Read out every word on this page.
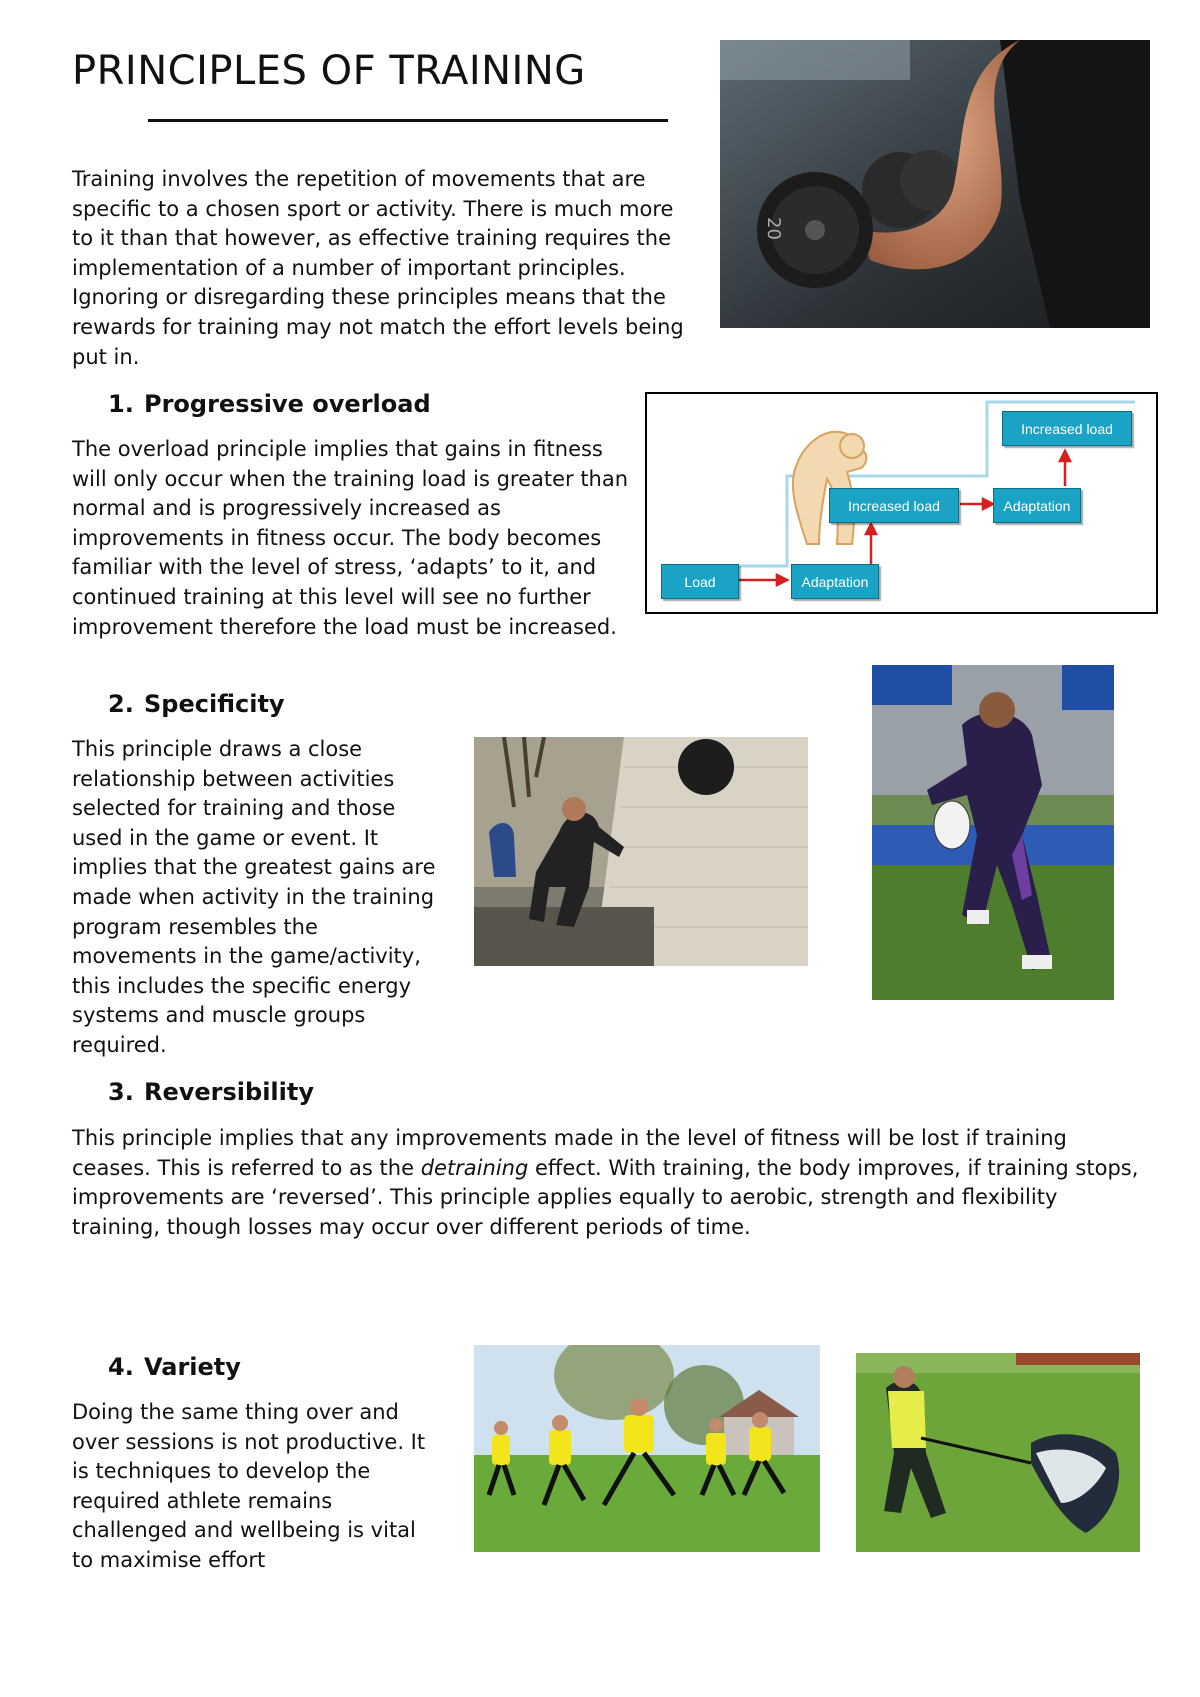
PRINCIPLES OF TRAINING

Training involves the repetition of movements that are specific to a chosen sport or activity. There is much more to it than that however, as effective training requires the implementation of a number of important principles. Ignoring or disregarding these principles means that the rewards for training may not match the effort levels being put in.

20
1. Progressive overload

The overload principle implies that gains in fitness will only occur when the training load is greater than normal and is progressively increased as improvements in fitness occur. The body becomes familiar with the level of stress, ‘adapts’ to it, and continued training at this level will see no further improvement therefore the load must be increased.

Load	Adaptation
Increased load	Adaptation
Increased load
2. Specificity

This principle draws a close relationship between activities selected for training and those used in the game or event. It implies that the greatest gains are made when activity in the training program resembles the movements in the game/activity, this includes the specific energy systems and muscle groups required.

3. Reversibility

This principle implies that any improvements made in the level of fitness will be lost if training ceases. This is referred to as the detraining effect. With training, the body improves, if training stops, improvements are ‘reversed’. This principle applies equally to aerobic, strength and flexibility training, though losses may occur over different periods of time.

4. Variety

Doing the same thing over and over sessions is not productive. It is techniques to develop the required athlete remains challenged and wellbeing is vital to maximise effort
